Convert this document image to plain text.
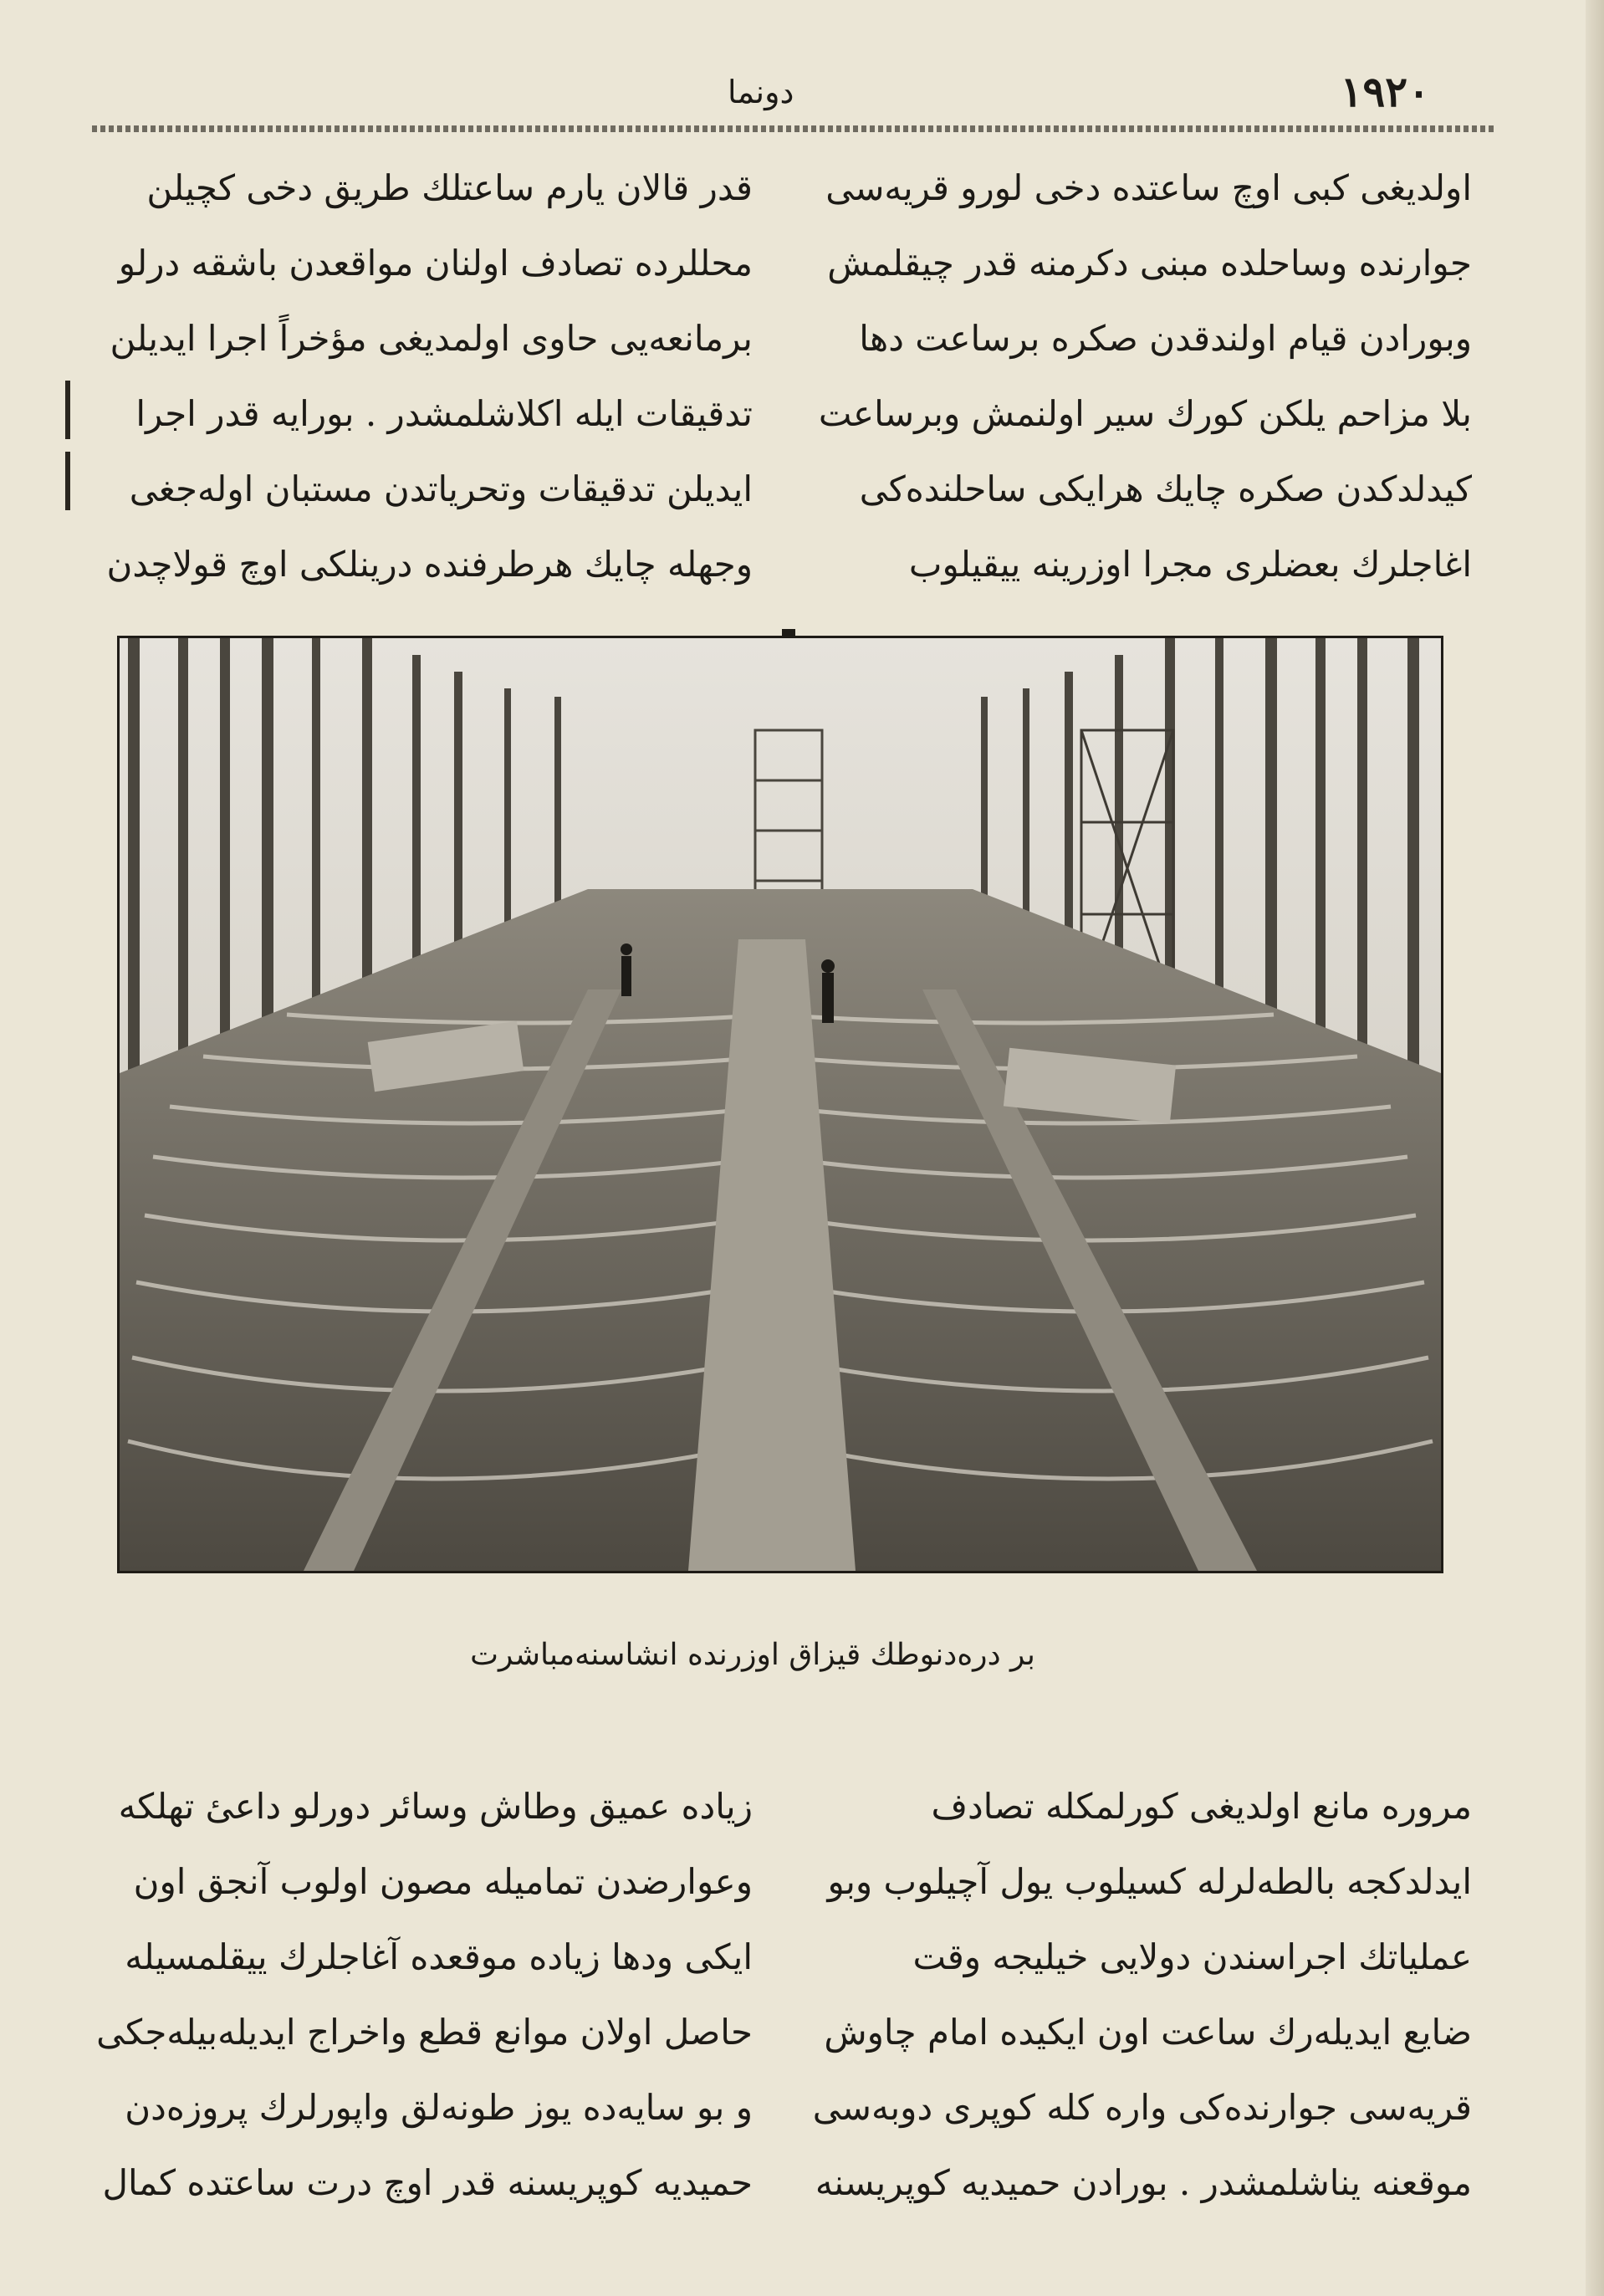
١٩٢٠
دونما

اولدیغی کبی اوچ ساعتده دخی لورو قریه‌سی

جوارنده وساحلده مبنی دکرمنه قدر چیقلمش

وبورادن قیام اولندقدن صکره برساعت دها

بلا مزاحم یلکن کورك سیر اولنمش وبرساعت

کیدلدکدن صکره چایك هرایکی ساحلنده‌کی

اغاجلرك بعضلری مجرا اوزرینه ییقیلوب

قدر قالان یارم ساعتلك طریق دخی کچیلن

محللرده تصادف اولنان مواقعدن باشقه درلو

برمانعه‌یی حاوی اولمدیغی مؤخراً اجرا ایدیلن

تدقیقات ایله اکلاشلمشدر . بورایه قدر اجرا

ایدیلن تدقیقات وتحریاتدن مستبان اوله‌جغی

وجهله چایك هرطرفنده درینلکی اوچ قولاچدن

بر دره‌دنوطك قیزاق اوزرنده انشاسنه‌مباشرت

مروره مانع اولدیغی کورلمکله تصادف

ایدلدکجه بالطه‌لرله کسیلوب یول آچیلوب وبو

عملیاتك اجراسندن دولایی خیلیجه وقت

ضایع ایدیله‌رك ساعت اون ایکیده امام چاوش

قریه‌سی جوارنده‌کی واره کله کوپری دوبه‌سی

موقعنه یناشلمشدر . بورادن حمیدیه کوپریسنه

زیاده عمیق وطاش وسائر دورلو داعیٔ تهلکه

وعوارضدن تماميله مصون اولوب آنجق اون

ایکی ودها زیاده موقعده آغاجلرك ییقلمسیله

حاصل اولان موانع قطع واخراج ایدیله‌بیله‌جکی

و بو سایه‌ده یوز طونه‌لق واپورلرك پروزه‌دن

حمیدیه کوپریسنه قدر اوچ درت ساعتده کمال
